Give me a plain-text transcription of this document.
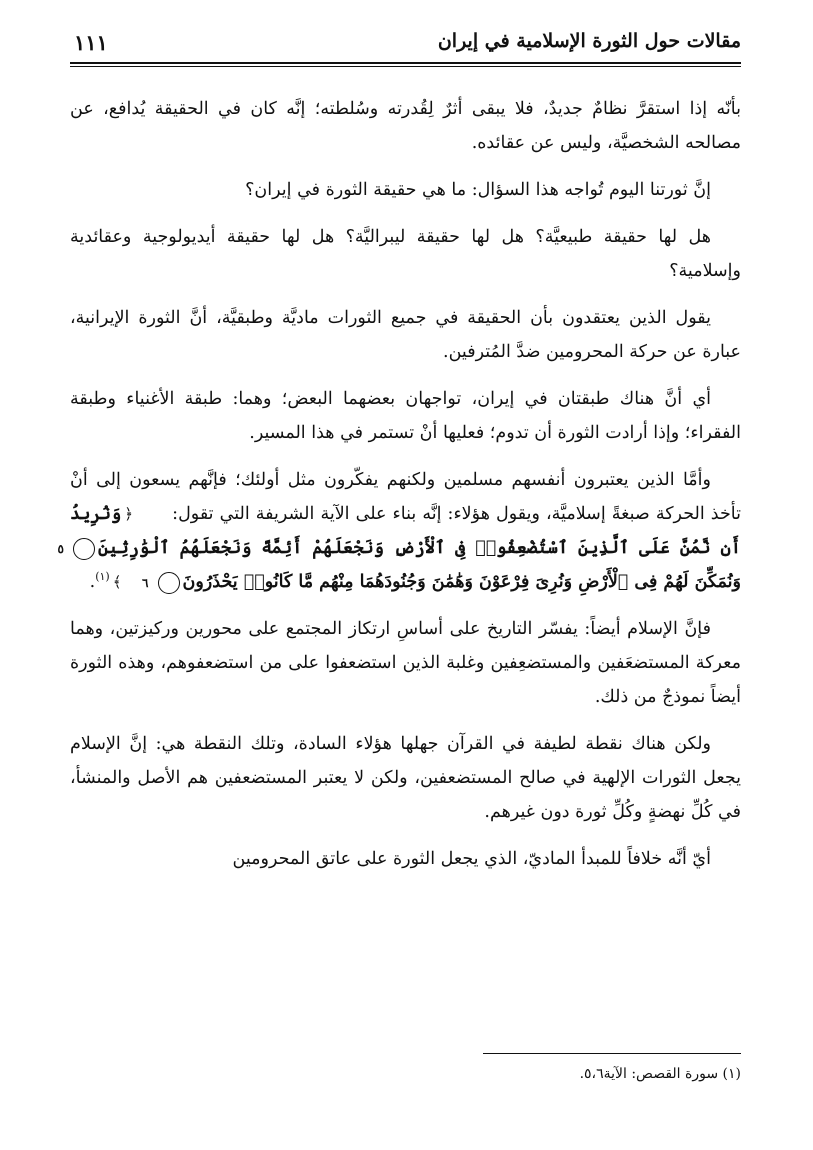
مقالات حول الثورة الإسلامية في إيران
١١١

بأنّه إذا استقرَّ نظامٌ جديدٌ، فلا يبقى أثرٌ لِقُدرته وسُلطته؛ إنَّه كان في الحقيقة يُدافع، عن مصالحه الشخصيَّة، وليس عن عقائده.

إنَّ ثورتنا اليوم تُواجه هذا السؤال: ما هي حقيقة الثورة في إيران؟

هل لها حقيقة طبيعيَّة؟ هل لها حقيقة ليبراليَّة؟ هل لها حقيقة أيديولوجية وعقائدية وإسلامية؟

يقول الذين يعتقدون بأن الحقيقة في جميع الثورات ماديَّة وطبقيَّة، أنَّ الثورة الإيرانية، عبارة عن حركة المحرومين ضدَّ المُترفين.

أي أنَّ هناك طبقتان في إيران، تواجهان بعضهما البعض؛ وهما: طبقة الأغنياء وطبقة الفقراء؛ وإذا أرادت الثورة أن تدوم؛ فعليها أنْ تستمر في هذا المسير.

وأمَّا الذين يعتبرون أنفسهم مسلمين ولكنهم يفكّرون مثل أولئك؛ فإنَّهم يسعون إلى أنْ تأخذ الحركة صبغةً إسلاميَّة، ويقول هؤلاء: إنَّه بناء على الآية الشريفة التي تقول: ﴿وَنُرِيدُ أَن نَّمُنَّ عَلَى ٱلَّذِينَ ٱسْتُضْعِفُوا۟ فِى ٱلْأَرْضِ وَنَجْعَلَهُمْ أَئِمَّةً وَنَجْعَلَهُمُ ٱلْوَٰرِثِينَ٥وَنُمَكِّنَ لَهُمْ فِى ٱلْأَرْضِ وَنُرِىَ فِرْعَوْنَ وَهَٰمَٰنَ وَجُنُودَهُمَا مِنْهُم مَّا كَانُوا۟ يَحْذَرُونَ٦﴾$^{(١)}$.

فإنَّ الإسلام أيضاً: يفسّر التاريخ على أساسِ ارتكاز المجتمع على محورين وركيزتين، وهما معركة المستضعَفين والمستضعِفين وغلبة الذين استضعفوا على من استضعفوهم، وهذه الثورة أيضاً نموذجٌ من ذلك.

ولكن هناك نقطة لطيفة في القرآن جهلها هؤلاء السادة، وتلك النقطة هي: إنَّ الإسلام يجعل الثورات الإلهية في صالح المستضعفين، ولكن لا يعتبر المستضعفين هم الأصل والمنشأ، في كُلِّ نهضةٍ وكُلِّ ثورة دون غيرهم.

أيّ أنَّه خلافاً للمبدأ الماديّ، الذي يجعل الثورة على عاتق المحرومين

(١) سورة القصص: الآية٥،٦.
